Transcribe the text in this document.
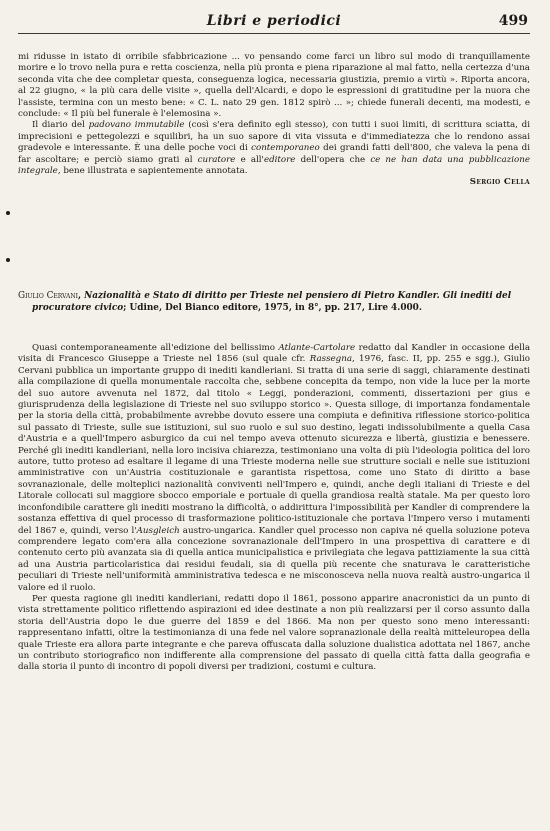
Libri e periodici	499

mi ridusse in istato di orribile sfabbricazione ... vo pensando come farci un libro sul modo di tranquillamente morire e lo trovo nella pura e retta coscienza, nella più pronta e piena riparazione al mal fatto, nella certezza d'una seconda vita che dee completar questa, conseguenza logica, necessaria giustizia, premio a virtù ». Riporta ancora, al 22 giugno, « la più cara delle visite », quella dell'Alcardi, e dopo le espressioni di gratitudine per la nuora che l'assiste, termina con un mesto bene: « C. L. nato 29 gen. 1812 spirò ... »; chiede funerali decenti, ma modesti, e conclude: « Il più bel funerale è l'elemosina ».

Il diario del padovano immutabile (così s'era definito egli stesso), con tutti i suoi limiti, di scrittura sciatta, di imprecisioni e pettegolezzi e squilibri, ha un suo sapore di vita vissuta e d'immediatezza che lo rendono assai gradevole e interessante. È una delle poche voci di contemporaneo dei grandi fatti dell'800, che valeva la pena di far ascoltare; e perciò siamo grati al curatore e all'editore dell'opera che ce ne han data una pubblicazione integrale, bene illustrata e sapientemente annotata.

Sergio Cella

Giulio Cervani, Nazionalità e Stato di diritto per Trieste nel pensiero di Pietro Kandler. Gli inediti del procuratore civico; Udine, Del Bianco editore, 1975, in 8°, pp. 217, Lire 4.000.

Quasi contemporaneamente all'edizione del bellissimo Atlante-Cartolare redatto dal Kandler in occasione della visita di Francesco Giuseppe a Trieste nel 1856 (sul quale cfr. Rassegna, 1976, fasc. II, pp. 255 e sgg.), Giulio Cervani pubblica un importante gruppo di inediti kandleriani. Si tratta di una serie di saggi, chiaramente destinati alla compilazione di quella monumentale raccolta che, sebbene concepita da tempo, non vide la luce per la morte del suo autore avvenuta nel 1872, dal titolo « Leggi, ponderazioni, commenti, dissertazioni per gius e giurisprudenza della legislazione di Trieste nel suo sviluppo storico ». Questa silloge, di importanza fondamentale per la storia della città, probabilmente avrebbe dovuto essere una compiuta e definitiva riflessione storico-politica sul passato di Trieste, sulle sue istituzioni, sul suo ruolo e sul suo destino, legati indissolubilmente a quella Casa d'Austria e a quell'Impero asburgico da cui nel tempo aveva ottenuto sicurezza e libertà, giustizia e benessere. Perché gli inediti kandleriani, nella loro incisiva chiarezza, testimoniano una volta di più l'ideologia politica del loro autore, tutto proteso ad esaltare il legame di una Trieste moderna nelle sue strutture sociali e nelle sue istituzioni amministrative con un'Austria costituzionale e garantista rispettosa, come uno Stato di diritto a base sovranazionale, delle molteplici nazionalità conviventi nell'Impero e, quindi, anche degli italiani di Trieste e del Litorale collocati sul maggiore sbocco emporiale e portuale di quella grandiosa realtà statale. Ma per questo loro inconfondibile carattere gli inediti mostrano la difficoltà, o addirittura l'impossibilità per Kandler di comprendere la sostanza effettiva di quel processo di trasformazione politico-istituzionale che portava l'Impero verso i mutamenti del 1867 e, quindi, verso l'Ausgleich austro-ungarica. Kandler quel processo non capiva né quella soluzione poteva comprendere legato com'era alla concezione sovranazionale dell'Impero in una prospettiva di carattere e di contenuto certo più avanzata sia di quella antica municipalistica e privilegiata che legava pattiziamente la sua città ad una Austria particolaristica dai residui feudali, sia di quella più recente che snaturava le caratteristiche peculiari di Trieste nell'uniformità amministrativa tedesca e ne misconosceva nella nuova realtà austro-ungarica il valore ed il ruolo.

Per questa ragione gli inediti kandleriani, redatti dopo il 1861, possono apparire anacronistici da un punto di vista strettamente politico riflettendo aspirazioni ed idee destinate a non più realizzarsi per il corso assunto dalla storia dell'Austria dopo le due guerre del 1859 e del 1866. Ma non per questo sono meno interessanti: rappresentano infatti, oltre la testimonianza di una fede nel valore sopranazionale della realtà mitteleuropea della quale Trieste era allora parte integrante e che pareva offuscata dalla soluzione dualistica adottata nel 1867, anche un contributo storiografico non indifferente alla comprensione del passato di quella città fatta dalla geografia e dalla storia il punto di incontro di popoli diversi per tradizioni, costumi e cultura.
